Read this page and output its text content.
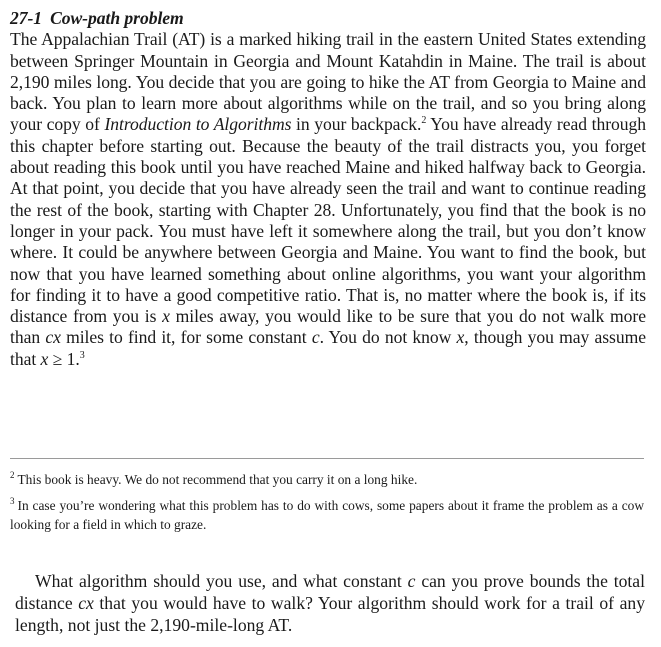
27-1 Cow-path problem

The Appalachian Trail (AT) is a marked hiking trail in the eastern United States extending between Springer Mountain in Georgia and Mount Katahdin in Maine. The trail is about 2,190 miles long. You decide that you are going to hike the AT from Georgia to Maine and back. You plan to learn more about algorithms while on the trail, and so you bring along your copy of Introduction to Algorithms in your backpack.$^2$ You have already read through this chapter before starting out. Because the beauty of the trail distracts you, you forget about reading this book until you have reached Maine and hiked halfway back to Georgia. At that point, you decide that you have already seen the trail and want to continue reading the rest of the book, starting with Chapter 28. Unfortunately, you find that the book is no longer in your pack. You must have left it somewhere along the trail, but you don’t know where. It could be anywhere between Georgia and Maine. You want to find the book, but now that you have learned something about online algorithms, you want your algorithm for finding it to have a good competitive ratio. That is, no matter where the book is, if its distance from you is x miles away, you would like to be sure that you do not walk more than cx miles to find it, for some constant c. You do not know x, though you may assume that x ≥ 1.$^3$

$^2$ This book is heavy. We do not recommend that you carry it on a long hike.

$^3$ In case you’re wondering what this problem has to do with cows, some papers about it frame the problem as a cow looking for a field in which to graze.

What algorithm should you use, and what constant c can you prove bounds the total distance cx that you would have to walk? Your algorithm should work for a trail of any length, not just the 2,190-mile-long AT.
